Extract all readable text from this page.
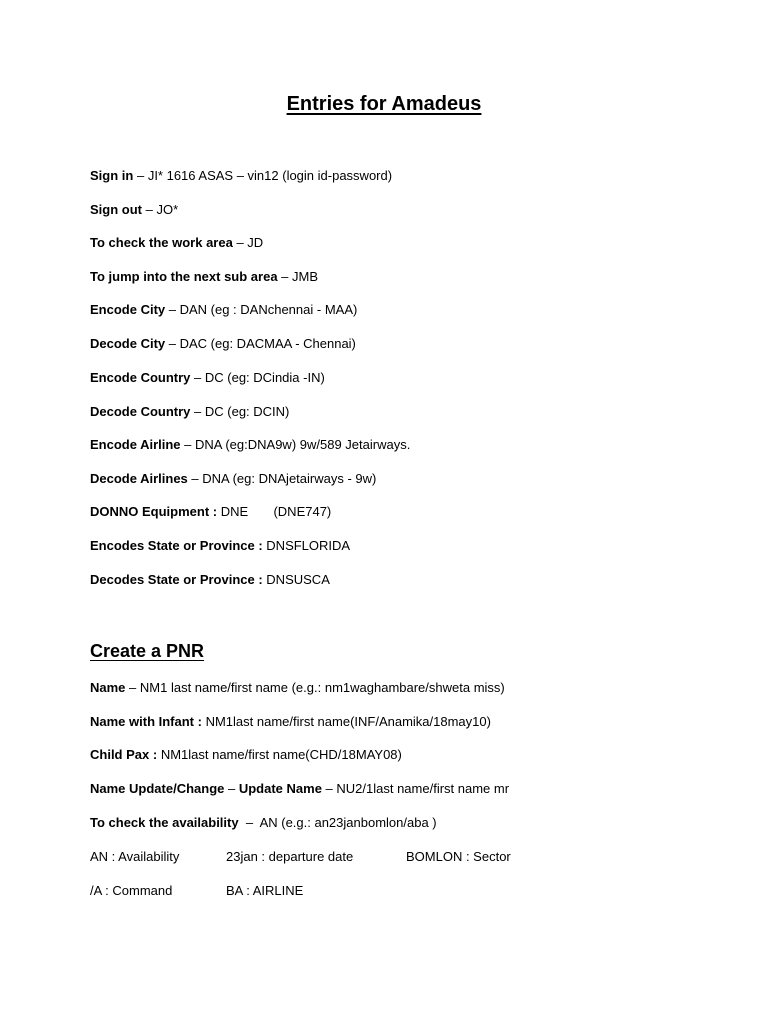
Entries for Amadeus
Sign in – JI* 1616 ASAS – vin12 (login id-password)
Sign out – JO*
To check the work area – JD
To jump into the next sub area – JMB
Encode City – DAN (eg : DANchennai - MAA)
Decode City – DAC (eg: DACMAA - Chennai)
Encode Country – DC (eg: DCindia -IN)
Decode Country – DC (eg: DCIN)
Encode Airline – DNA (eg:DNA9w) 9w/589 Jetairways.
Decode Airlines – DNA (eg: DNAjetairways - 9w)
DONNO Equipment : DNE       (DNE747)
Encodes State or Province : DNSFLORIDA
Decodes State or Province : DNSUSCA
Create a PNR
Name – NM1 last name/first name (e.g.: nm1waghambare/shweta miss)
Name with Infant : NM1last name/first name(INF/Anamika/18may10)
Child Pax : NM1last name/first name(CHD/18MAY08)
Name Update/Change – Update Name – NU2/1last name/first name mr
To check the availability  –  AN (e.g.: an23janbomlon/aba )
AN : Availability	23jan : departure date	BOMLON : Sector
/A : Command	BA : AIRLINE
